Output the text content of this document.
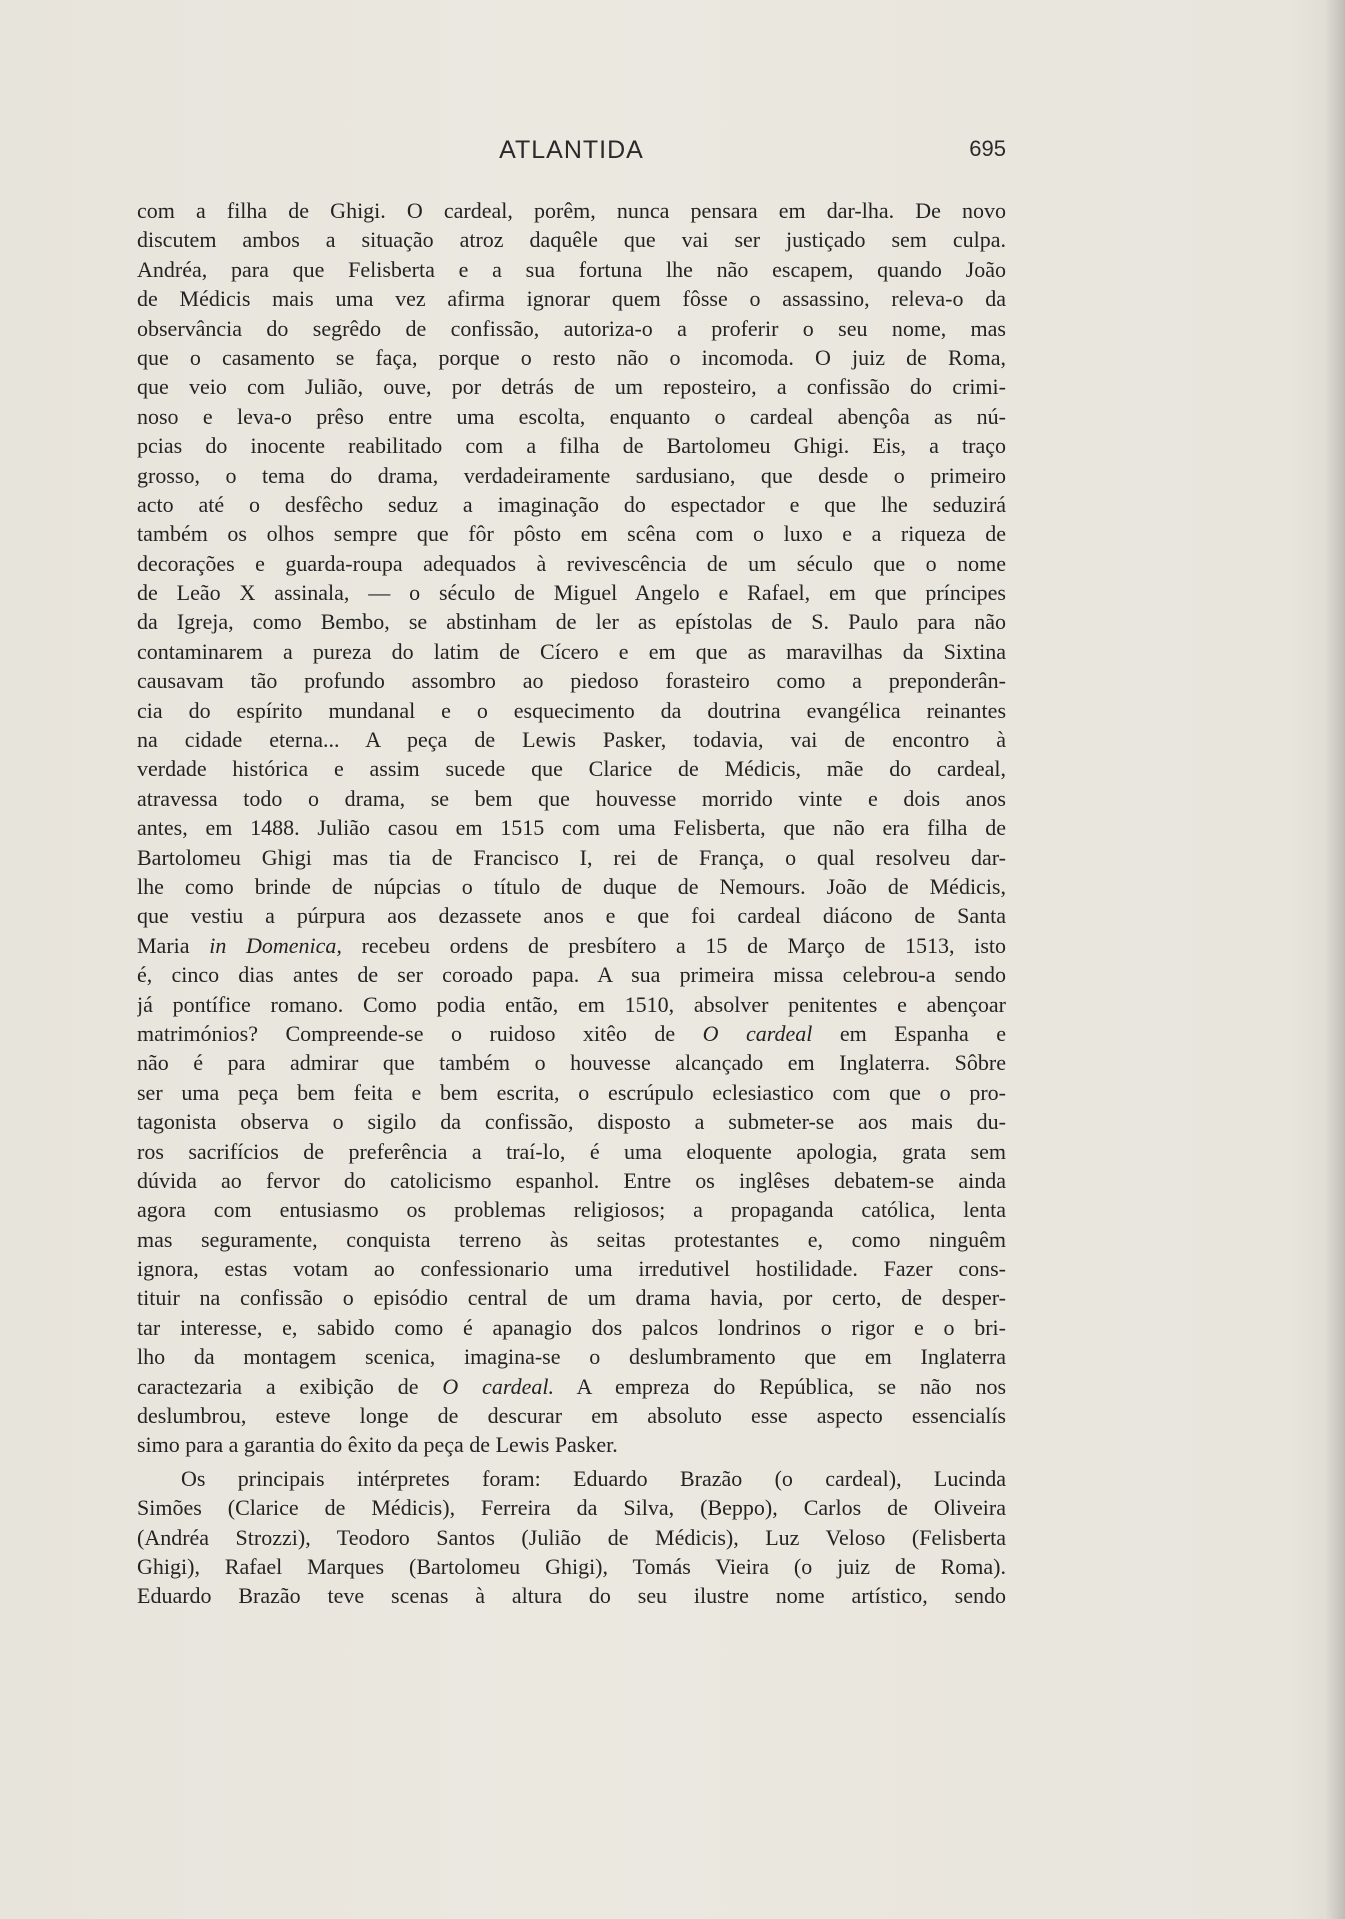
ATLANTIDA	695
com a filha de Ghigi. O cardeal, porêm, nunca pensara em dar-lha. De novo
discutem ambos a situação atroz daquêle que vai ser justiçado sem culpa.
Andréa, para que Felisberta e a sua fortuna lhe não escapem, quando João
de Médicis mais uma vez afirma ignorar quem fôsse o assassino, releva-o da
observância do segrêdo de confissão, autoriza-o a proferir o seu nome, mas
que o casamento se faça, porque o resto não o incomoda. O juiz de Roma,
que veio com Julião, ouve, por detrás de um reposteiro, a confissão do crimi-
noso e leva-o prêso entre uma escolta, enquanto o cardeal abençôa as nú-
pcias do inocente reabilitado com a filha de Bartolomeu Ghigi. Eis, a traço
grosso, o tema do drama, verdadeiramente sardusiano, que desde o primeiro
acto até o desfêcho seduz a imaginação do espectador e que lhe seduzirá
também os olhos sempre que fôr pôsto em scêna com o luxo e a riqueza de
decorações e guarda-roupa adequados à revivescência de um século que o nome
de Leão X assinala, — o século de Miguel Angelo e Rafael, em que príncipes
da Igreja, como Bembo, se abstinham de ler as epístolas de S. Paulo para não
contaminarem a pureza do latim de Cícero e em que as maravilhas da Sixtina
causavam tão profundo assombro ao piedoso forasteiro como a preponderân-
cia do espírito mundanal e o esquecimento da doutrina evangélica reinantes
na cidade eterna... A peça de Lewis Pasker, todavia, vai de encontro à
verdade histórica e assim sucede que Clarice de Médicis, mãe do cardeal,
atravessa todo o drama, se bem que houvesse morrido vinte e dois anos
antes, em 1488. Julião casou em 1515 com uma Felisberta, que não era filha de
Bartolomeu Ghigi mas tia de Francisco I, rei de França, o qual resolveu dar-
lhe como brinde de núpcias o título de duque de Nemours. João de Médicis,
que vestiu a púrpura aos dezassete anos e que foi cardeal diácono de Santa
Maria in Domenica, recebeu ordens de presbítero a 15 de Março de 1513, isto
é, cinco dias antes de ser coroado papa. A sua primeira missa celebrou-a sendo
já pontífice romano. Como podia então, em 1510, absolver penitentes e abençoar
matrimónios? Compreende-se o ruidoso xitêo de O cardeal em Espanha e
não é para admirar que também o houvesse alcançado em Inglaterra. Sôbre
ser uma peça bem feita e bem escrita, o escrúpulo eclesiastico com que o pro-
tagonista observa o sigilo da confissão, disposto a submeter-se aos mais du-
ros sacrifícios de preferência a traí-lo, é uma eloquente apologia, grata sem
dúvida ao fervor do catolicismo espanhol. Entre os inglêses debatem-se ainda
agora com entusiasmo os problemas religiosos; a propaganda católica, lenta
mas seguramente, conquista terreno às seitas protestantes e, como ninguêm
ignora, estas votam ao confessionario uma irredutivel hostilidade. Fazer cons-
tituir na confissão o episódio central de um drama havia, por certo, de desper-
tar interesse, e, sabido como é apanagio dos palcos londrinos o rigor e o bri-
lho da montagem scenica, imagina-se o deslumbramento que em Inglaterra
caractezaria a exibição de O cardeal. A empreza do República, se não nos
deslumbrou, esteve longe de descurar em absoluto esse aspecto essencialís
simo para a garantia do êxito da peça de Lewis Pasker.
Os principais intérpretes foram: Eduardo Brazão (o cardeal), Lucinda
Simões (Clarice de Médicis), Ferreira da Silva, (Beppo), Carlos de Oliveira
(Andréa Strozzi), Teodoro Santos (Julião de Médicis), Luz Veloso (Felisberta
Ghigi), Rafael Marques (Bartolomeu Ghigi), Tomás Vieira (o juiz de Roma).
Eduardo Brazão teve scenas à altura do seu ilustre nome artístico, sendo
